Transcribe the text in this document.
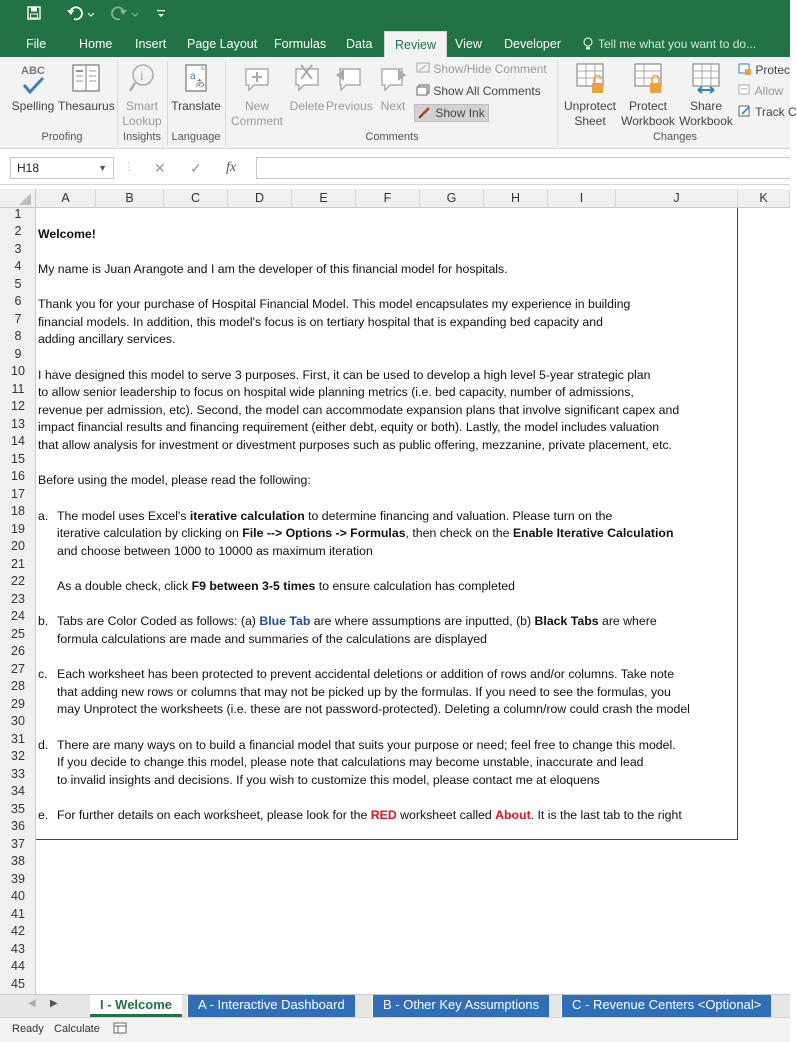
File	Home Insert Page Layout Formulas Data	Review	View Developer	Tell me what you want to do...
ABC
Spelling Thesaurus
Proofing
i
Smart
Lookup
Insights
a
あ
Translate
Language
New
Comment
Delete Previous Next
Show/Hide Comment
Show All Comments
Show Ink
Comments
Unprotect
Sheet
Protect
Workbook
Share
Workbook
Protec
Allow
Track C
Changes
H18	▼ ⋮ ✕ ✓ fx
A	B	C	D	E	F	G	H	I	J	K
1
2
3
4
5
6
7
8
9
10
11
12
13
14
15
16
17
18
19
20
21
22
23
24
25
26
27
28
29
30
31
32
33
34
35
36
37
38
39
40
41
42
43
44
45
Welcome!
My name is Juan Arangote and I am the developer of this financial model for hospitals.
Thank you for your purchase of Hospital Financial Model. This model encapsulates my experience in building
financial models. In addition, this model's focus is on tertiary hospital that is expanding bed capacity and
adding ancillary services.
I have designed this model to serve 3 purposes. First, it can be used to develop a high level 5-year strategic plan
to allow senior leadership to focus on hospital wide planning metrics (i.e. bed capacity, number of admissions,
revenue per admission, etc). Second, the model can accommodate expansion plans that involve significant capex and
impact financial results and financing requirement (either debt, equity or both). Lastly, the model includes valuation
that allow analysis for investment or divestment purposes such as public offering, mezzanine, private placement, etc.
Before using the model, please read the following:
a. The model uses Excel's iterative calculation to determine financing and valuation. Please turn on the
iterative calculation by clicking on File --> Options -> Formulas, then check on the Enable Iterative Calculation
and choose between 1000 to 10000 as maximum iteration
As a double check, click F9 between 3-5 times to ensure calculation has completed
b. Tabs are Color Coded as follows: (a) Blue Tab are where assumptions are inputted, (b) Black Tabs are where
formula calculations are made and summaries of the calculations are displayed
c. Each worksheet has been protected to prevent accidental deletions or addition of rows and/or columns. Take note
that adding new rows or columns that may not be picked up by the formulas. If you need to see the formulas, you
may Unprotect the worksheets (i.e. these are not password-protected). Deleting a column/row could crash the model
d. There are many ways on to build a financial model that suits your purpose or need; feel free to change this model.
If you decide to change this model, please note that calculations may become unstable, inaccurate and lead
to invalid insights and decisions. If you wish to customize this model, please contact me at eloquens
e. For further details on each worksheet, please look for the RED worksheet called About. It is the last tab to the right
◀ ▶	I - Welcome	A - Interactive Dashboard	B - Other Key Assumptions	C - Revenue Centers <Optional>
Ready Calculate
